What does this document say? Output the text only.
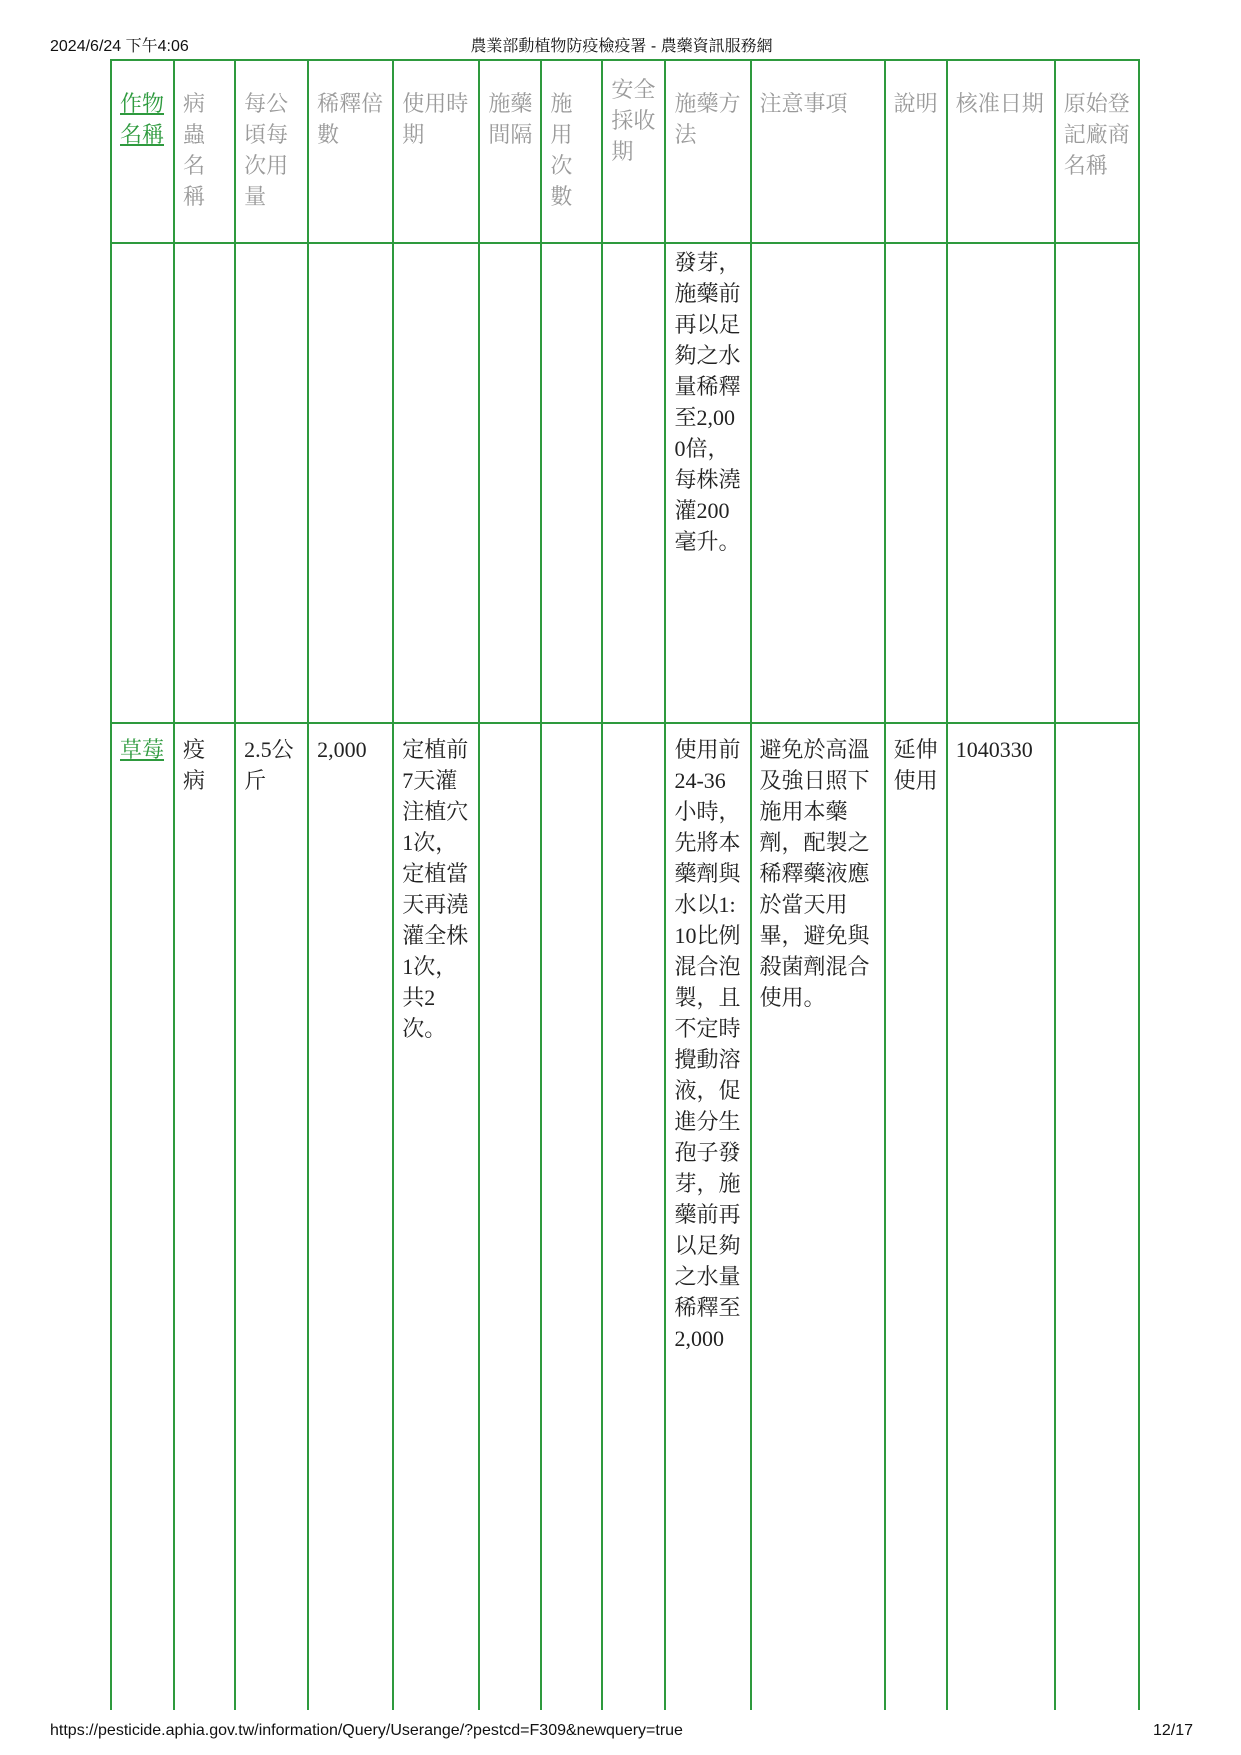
2024/6/24 下午4:06	農業部動植物防疫檢疫署 - 農藥資訊服務網
作物名稱	病蟲名稱	每公頃每次用量	稀釋倍數	使用時期	施藥間隔	施用次數	安全採收期	施藥方法	注意事項	說明	核准日期	原始登記廠商名稱

								發芽，施藥前再以足夠之水量稀釋至2,000倍，每株澆灌200毫升。				

草莓	疫病	2.5公斤	2,000	定植前7天灌注植穴1次，定植當天再澆灌全株1次，共2次。				使用前24-36小時，先將本藥劑與水以1:10比例混合泡製，且不定時攪動溶液，促進分生孢子發芽，施藥前再以足夠之水量稀釋至2,000	避免於高溫及強日照下施用本藥劑，配製之稀釋藥液應於當天用畢，避免與殺菌劑混合使用。	延伸使用	1040330	

https://pesticide.aphia.gov.tw/information/Query/Userange/?pestcd=F309&newquery=true	12/17
